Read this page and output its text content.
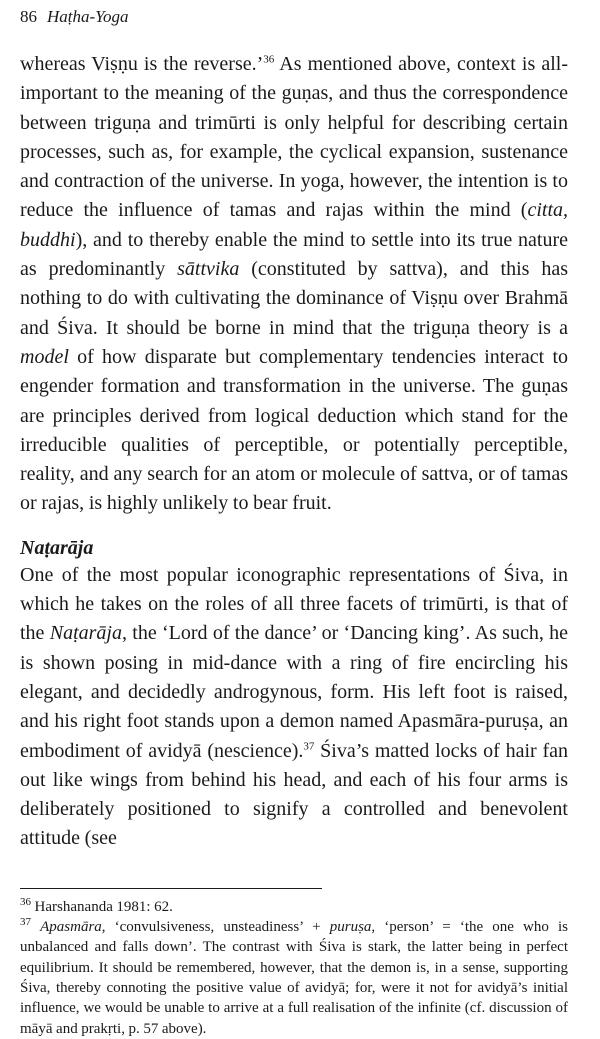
86 Haṭha-Yoga

whereas Viṣṇu is the reverse.’$^{36}$ As mentioned above, context is all-important to the meaning of the guṇas, and thus the correspondence between triguṇa and trimūrti is only helpful for describing certain processes, such as, for example, the cyclical expansion, sustenance and contraction of the universe. In yoga, however, the intention is to reduce the influence of tamas and rajas within the mind (citta, buddhi), and to thereby enable the mind to settle into its true nature as predominantly sāttvika (constituted by sattva), and this has nothing to do with cultivating the dominance of Viṣṇu over Brahmā and Śiva. It should be borne in mind that the triguṇa theory is a model of how disparate but complementary tendencies interact to engender formation and transformation in the universe. The guṇas are principles derived from logical deduction which stand for the irreducible qualities of perceptible, or potentially perceptible, reality, and any search for an atom or molecule of sattva, or of tamas or rajas, is highly unlikely to bear fruit.

Naṭarāja

One of the most popular iconographic representations of Śiva, in which he takes on the roles of all three facets of trimūrti, is that of the Naṭarāja, the ‘Lord of the dance’ or ‘Dancing king’. As such, he is shown posing in mid-dance with a ring of fire encircling his elegant, and decidedly androgynous, form. His left foot is raised, and his right foot stands upon a demon named Apasmāra-puruṣa, an embodiment of avidyā (nescience).$^{37}$ Śiva’s matted locks of hair fan out like wings from behind his head, and each of his four arms is deliberately positioned to signify a controlled and benevolent attitude (see

$^{36}$ Harshananda 1981: 62.

$^{37}$ Apasmāra, ‘convulsiveness, unsteadiness’ + puruṣa, ‘person’ = ‘the one who is unbalanced and falls down’. The contrast with Śiva is stark, the latter being in perfect equilibrium. It should be remembered, however, that the demon is, in a sense, supporting Śiva, thereby connoting the positive value of avidyā; for, were it not for avidyā’s initial influence, we would be unable to arrive at a full realisation of the infinite (cf. discussion of māyā and prakṛti, p. 57 above).
